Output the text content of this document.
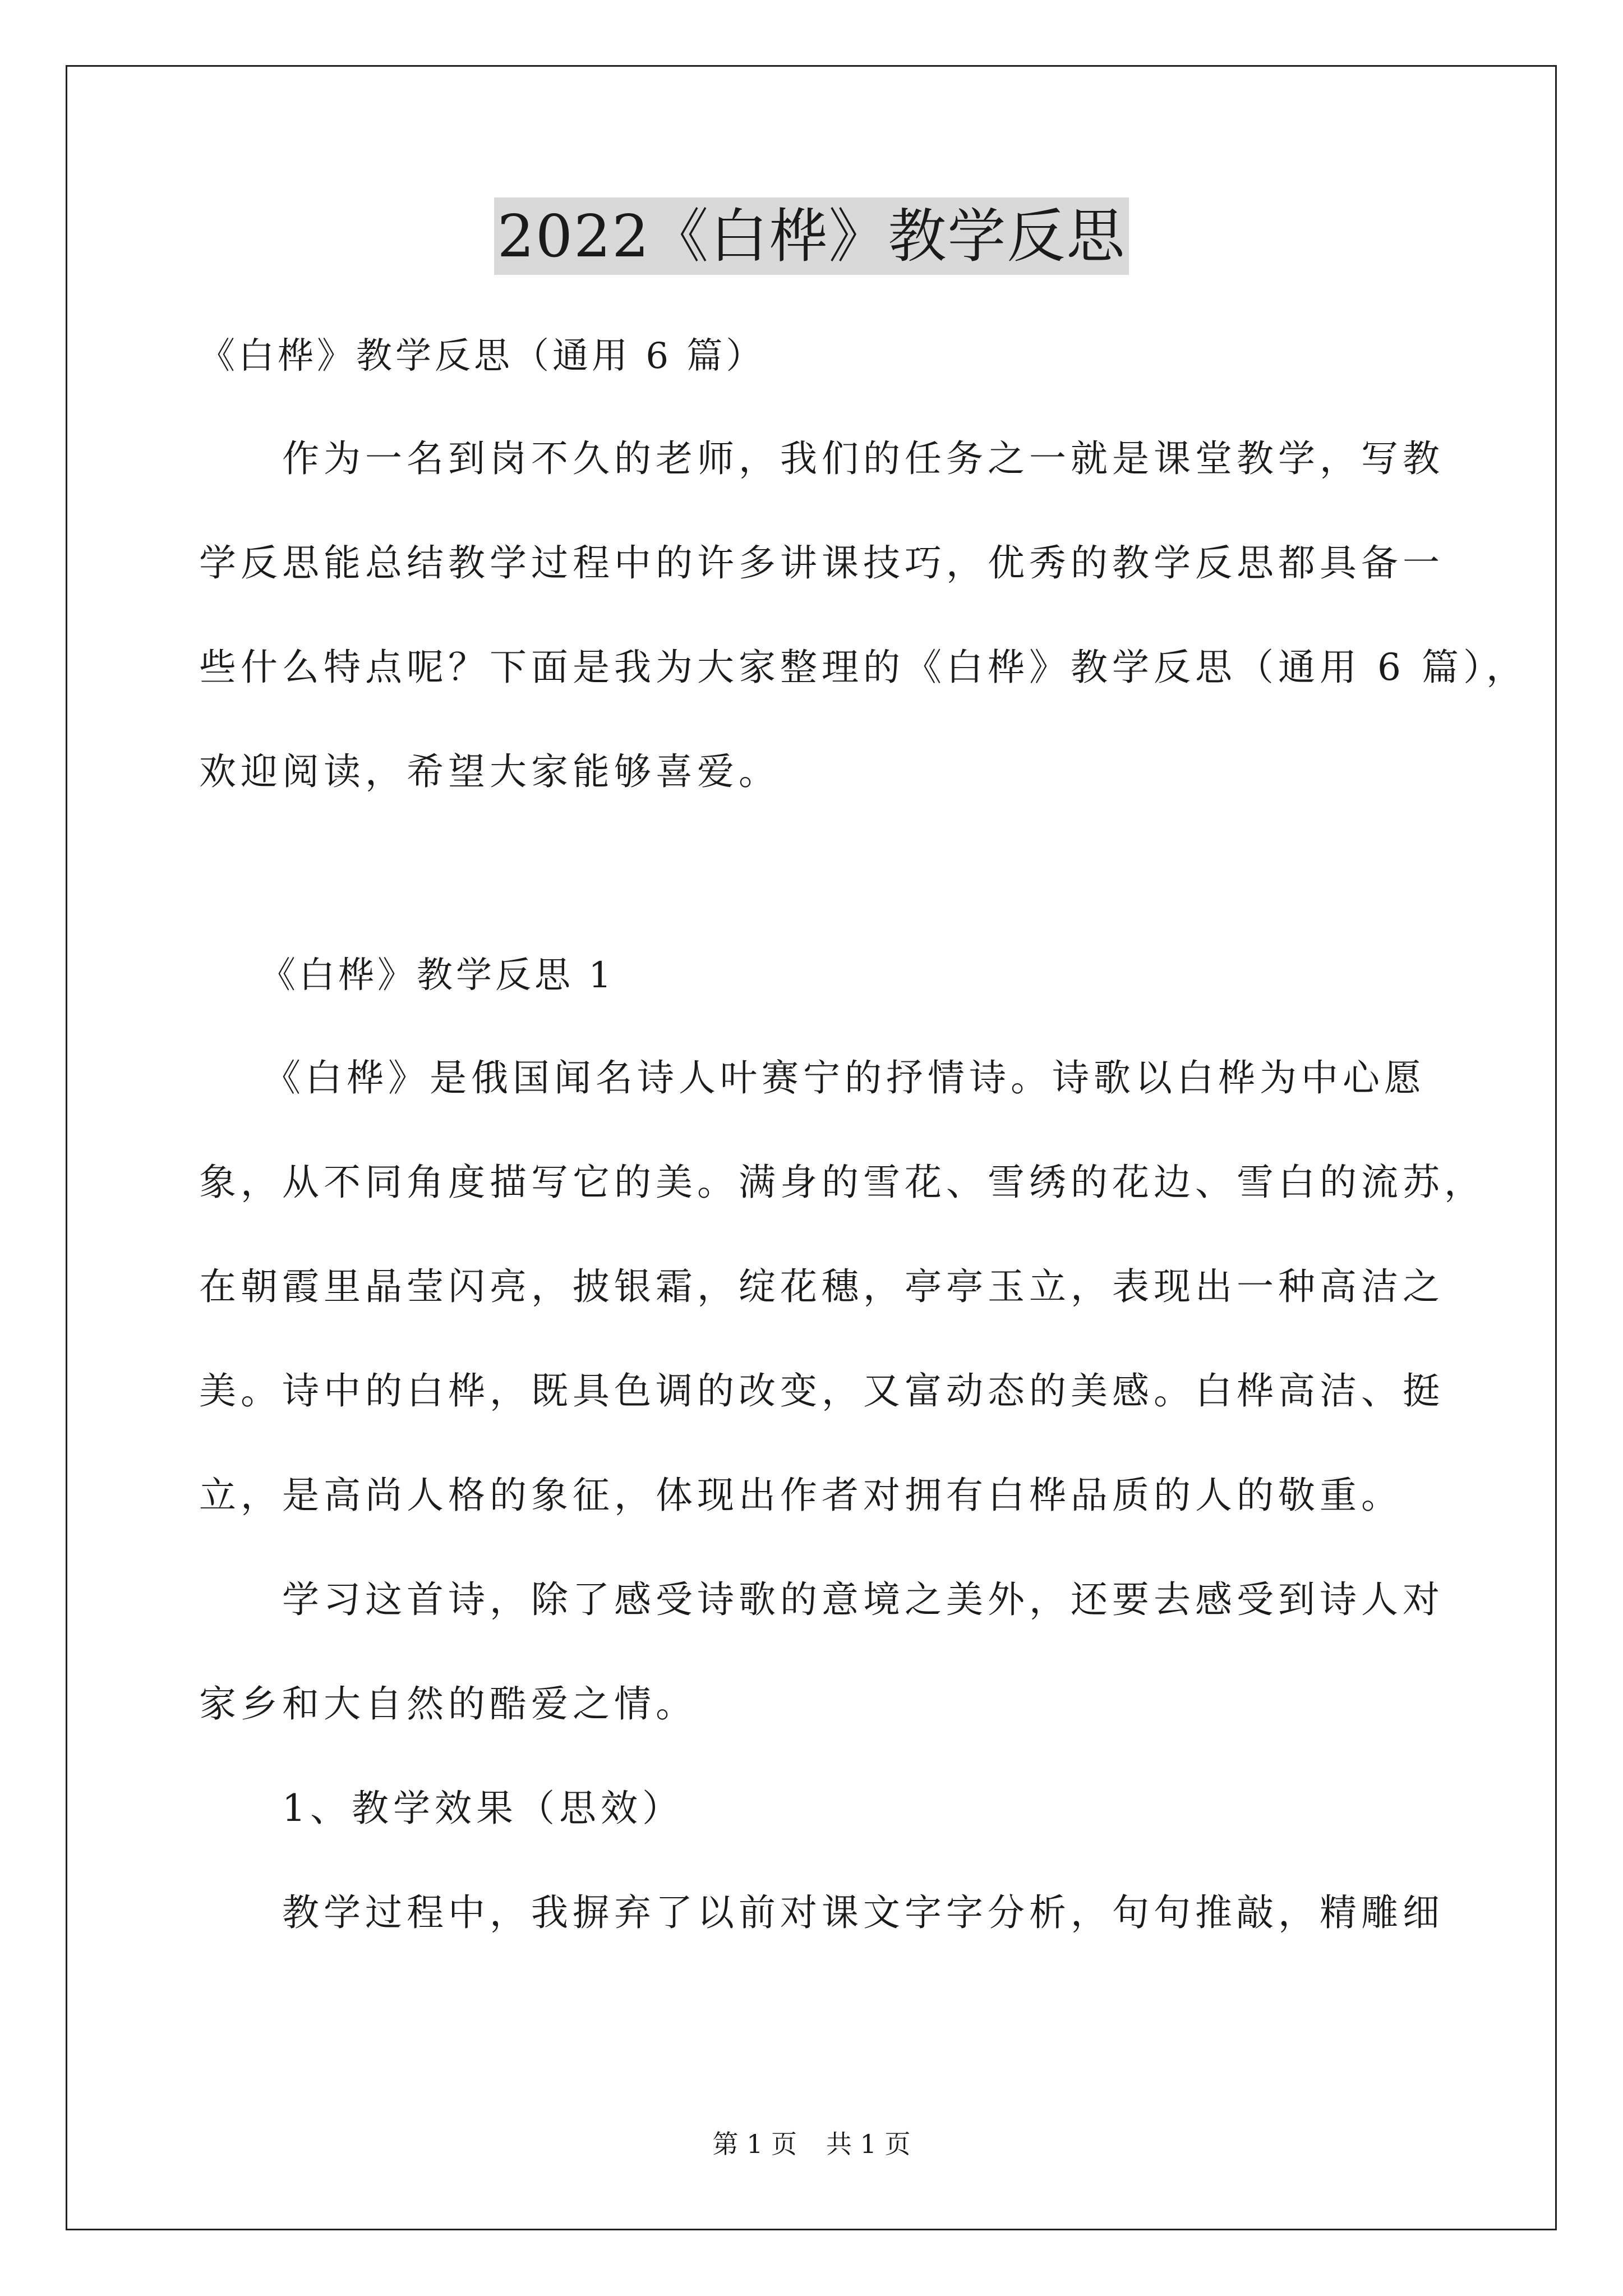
2022《白桦》教学反思
《白桦》教学反思（通用 6 篇）
　　作为一名到岗不久的老师，我们的任务之一就是课堂教学，写教
学反思能总结教学过程中的许多讲课技巧，优秀的教学反思都具备一
些什么特点呢？下面是我为大家整理的《白桦》教学反思（通用 6 篇），
欢迎阅读，希望大家能够喜爱。
　　《白桦》教学反思 1
　　《白桦》是俄国闻名诗人叶赛宁的抒情诗。诗歌以白桦为中心愿
象，从不同角度描写它的美。满身的雪花、雪绣的花边、雪白的流苏，
在朝霞里晶莹闪亮，披银霜，绽花穗，亭亭玉立，表现出一种高洁之
美。诗中的白桦，既具色调的改变，又富动态的美感。白桦高洁、挺
立，是高尚人格的象征，体现出作者对拥有白桦品质的人的敬重。
　　学习这首诗，除了感受诗歌的意境之美外，还要去感受到诗人对
家乡和大自然的酷爱之情。
　　1、教学效果（思效）
　　教学过程中，我摒弃了以前对课文字字分析，句句推敲，精雕细
第 1 页 共 1 页
